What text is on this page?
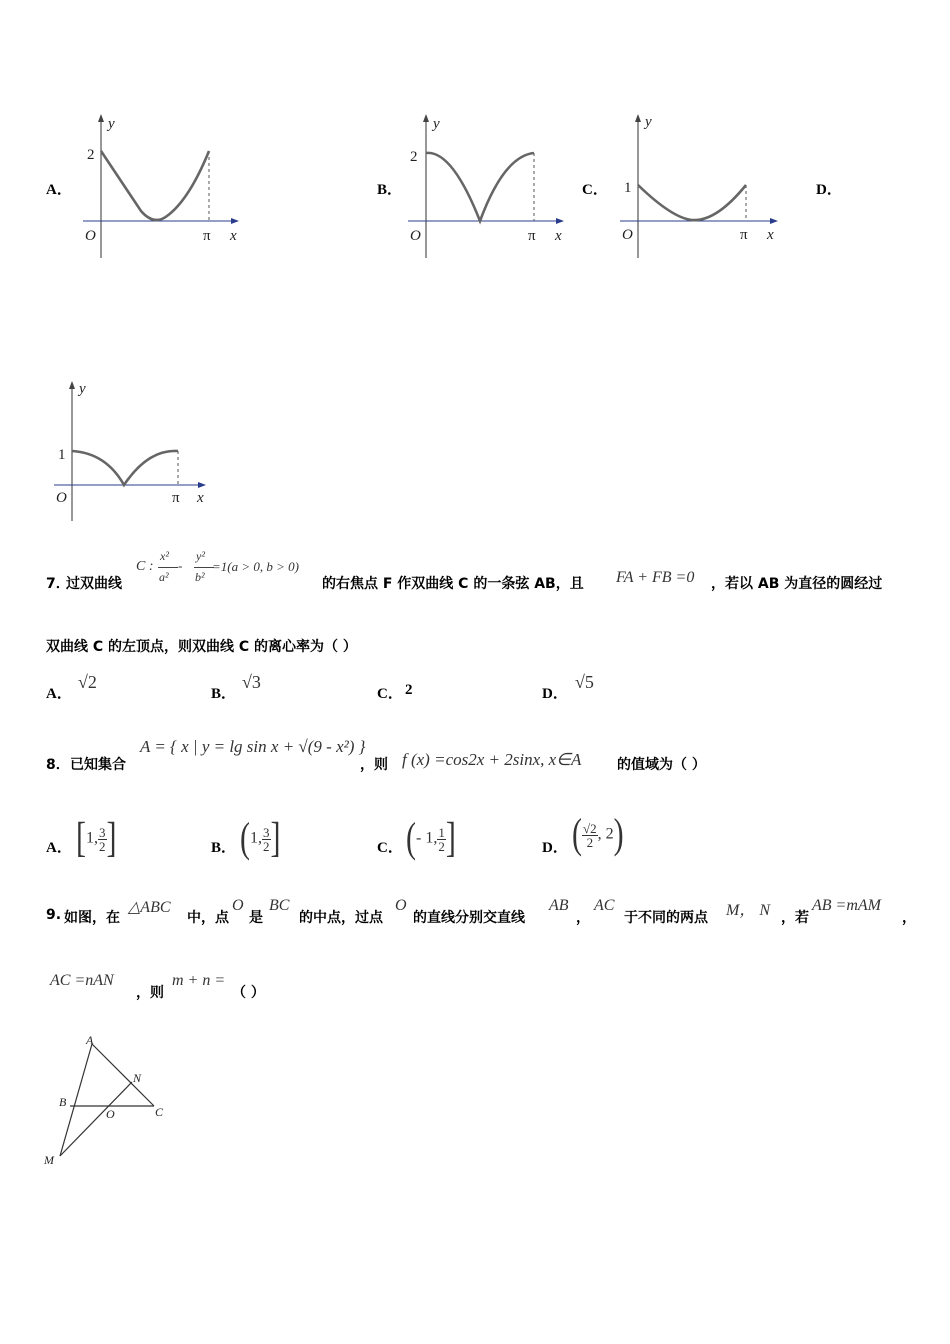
A．
y
2
O	π x
B．
y
2
O	π x
C．
y
1
O	π x
D．
y
1
O	π x
7．
过双曲线
C :
x²
a²
-
y²
b²
=1(a > 0, b > 0)
的右焦点 F 作双曲线 C 的一条弦 AB，且 FA + FB =0 ，若以 AB 为直径的圆经过
双曲线 C 的左顶点，则双曲线 C 的离心率为（ ）
A．
√2
B．
√3
C． 2	D．
√5
8． 已知集合
A = { x | y = lg sin x + √(9 - x²) }
，则 f (x) =cos2x + 2sinx, x∈A	的值域为（ ）
A． [1, $\frac{3}{2}$ ]	B． (1, $\frac{3}{2}$ ]	C． (- 1, $\frac{1}{2}$ ]	D． ( $\frac{√2}{2}$ , 2)
9. 如图，在
△ABC
中，点
O
是
BC
的中点，过点
O
的直线分别交直线
AB
，
AC
于不同的两点 M， N ，若
AB =mAM
，
AC =nAN
，则
m + n =
（ ）
A
B
C
N
O
M
